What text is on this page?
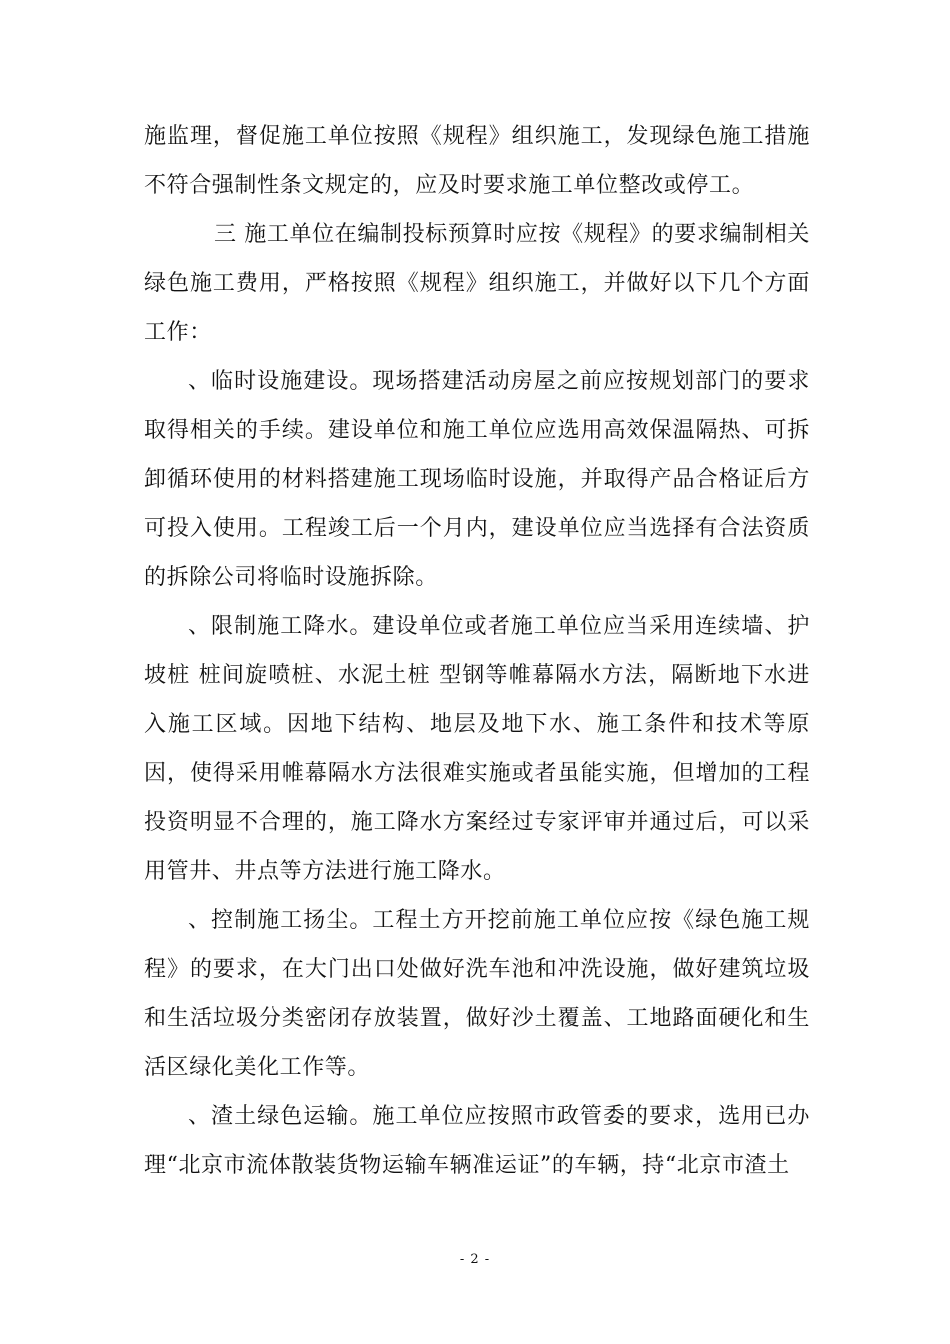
施监理，督促施工单位按照《规程》组织施工，发现绿色施工措施不符合强制性条文规定的，应及时要求施工单位整改或停工。

三 施工单位在编制投标预算时应按《规程》的要求编制相关绿色施工费用，严格按照《规程》组织施工，并做好以下几个方面工作：

、临时设施建设。现场搭建活动房屋之前应按规划部门的要求取得相关的手续。建设单位和施工单位应选用高效保温隔热、可拆卸循环使用的材料搭建施工现场临时设施，并取得产品合格证后方可投入使用。工程竣工后一个月内，建设单位应当选择有合法资质的拆除公司将临时设施拆除。

、限制施工降水。建设单位或者施工单位应当采用连续墙、护坡桩 桩间旋喷桩、水泥土桩 型钢等帷幕隔水方法，隔断地下水进入施工区域。因地下结构、地层及地下水、施工条件和技术等原因，使得采用帷幕隔水方法很难实施或者虽能实施，但增加的工程投资明显不合理的，施工降水方案经过专家评审并通过后，可以采用管井、井点等方法进行施工降水。

、控制施工扬尘。工程土方开挖前施工单位应按《绿色施工规程》的要求，在大门出口处做好洗车池和冲洗设施，做好建筑垃圾和生活垃圾分类密闭存放装置，做好沙土覆盖、工地路面硬化和生活区绿化美化工作等。

、渣土绿色运输。施工单位应按照市政管委的要求，选用已办理“北京市流体散装货物运输车辆准运证”的车辆，持“北京市渣土

- 2 -
